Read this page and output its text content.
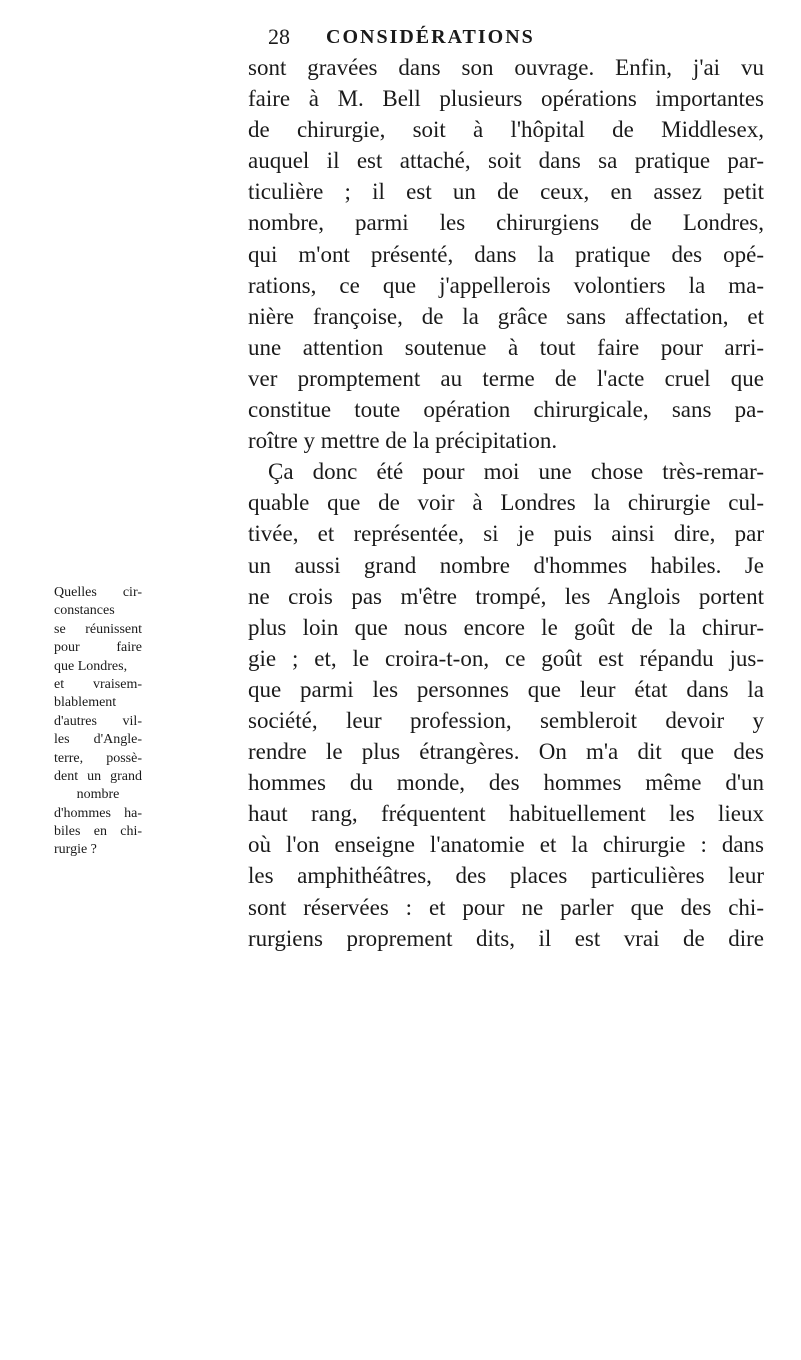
28 CONSIDÉRATIONS
sont gravées dans son ouvrage. Enfin, j'ai vu
faire à M. Bell plusieurs opérations importantes
de chirurgie, soit à l'hôpital de Middlesex,
auquel il est attaché, soit dans sa pratique par-
ticulière ; il est un de ceux, en assez petit
nombre, parmi les chirurgiens de Londres,
qui m'ont présenté, dans la pratique des opé-
rations, ce que j'appellerois volontiers la ma-
nière françoise, de la grâce sans affectation, et
une attention soutenue à tout faire pour arri-
ver promptement au terme de l'acte cruel que
constitue toute opération chirurgicale, sans pa-
roître y mettre de la précipitation.
Ça donc été pour moi une chose très-remar-
quable que de voir à Londres la chirurgie cul-
tivée, et représentée, si je puis ainsi dire, par
un aussi grand nombre d'hommes habiles. Je
ne crois pas m'être trompé, les Anglois portent
plus loin que nous encore le goût de la chirur-
gie ; et, le croira-t-on, ce goût est répandu jus-
que parmi les personnes que leur état dans la
société, leur profession, sembleroit devoir y
rendre le plus étrangères. On m'a dit que des
hommes du monde, des hommes même d'un
haut rang, fréquentent habituellement les lieux
où l'on enseigne l'anatomie et la chirurgie : dans
les amphithéâtres, des places particulières leur
sont réservées : et pour ne parler que des chi-
rurgiens proprement dits, il est vrai de dire
Quelles cir-
constances
se réunissent
pour faire
que Londres,
et vraisem-
blablement
d'autres vil-
les d'Angle-
terre, possè-
dent un grand
nombre
d'hommes ha-
biles en chi-
rurgie ?
